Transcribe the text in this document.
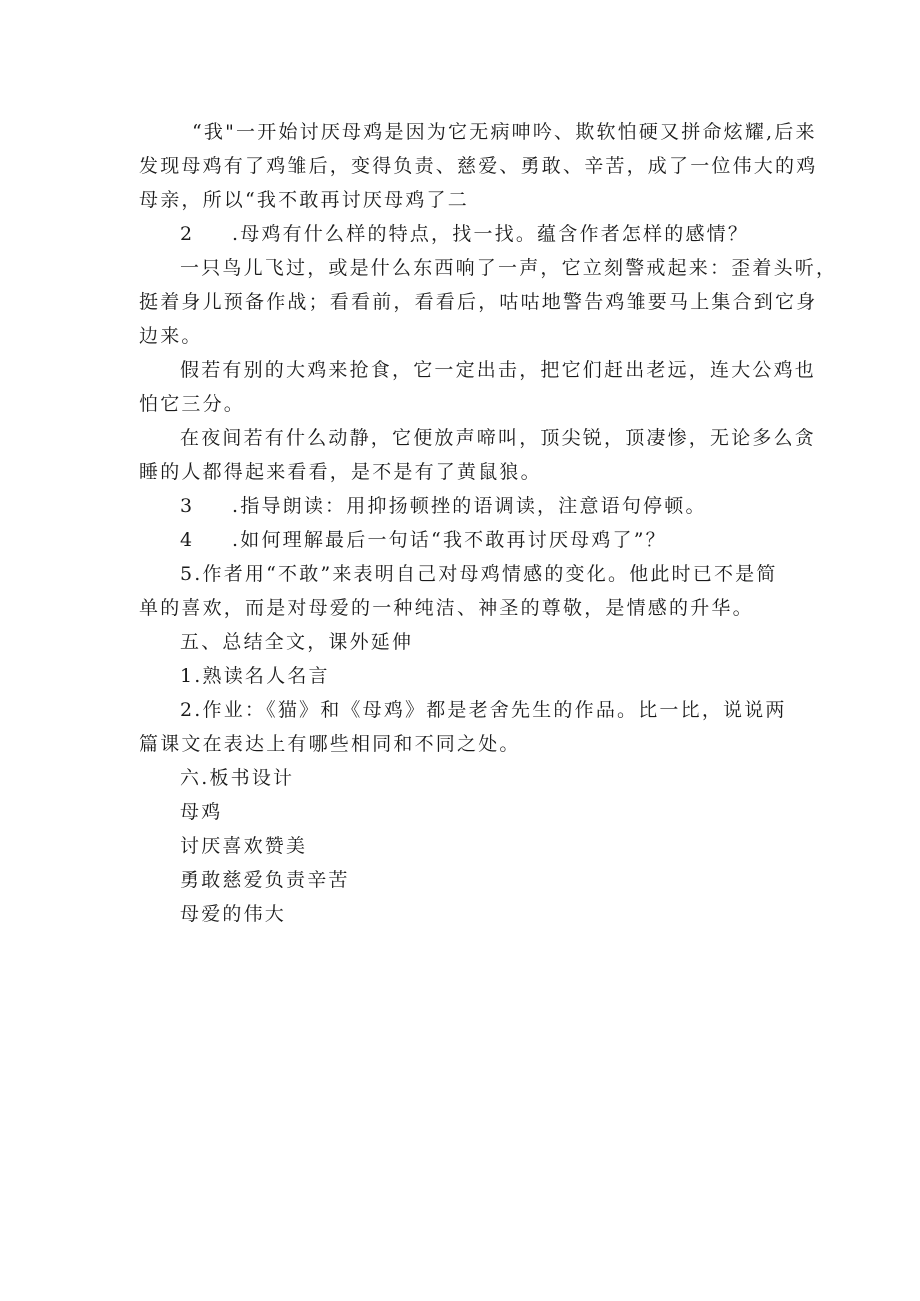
“我"一开始讨厌母鸡是因为它无病呻吟、欺软怕硬又拼命炫耀,后来
发现母鸡有了鸡雏后，变得负责、慈爱、勇敢、辛苦，成了一位伟大的鸡
母亲，所以“我不敢再讨厌母鸡了二
2 .母鸡有什么样的特点，找一找。蕴含作者怎样的感情？
一只鸟儿飞过，或是什么东西响了一声，它立刻警戒起来：歪着头听，
挺着身儿预备作战；看看前，看看后，咕咕地警告鸡雏要马上集合到它身
边来。
假若有别的大鸡来抢食，它一定出击，把它们赶出老远，连大公鸡也
怕它三分。
在夜间若有什么动静，它便放声啼叫，顶尖锐，顶凄惨，无论多么贪
睡的人都得起来看看，是不是有了黄鼠狼。
3 .指导朗读：用抑扬顿挫的语调读，注意语句停顿。
4 .如何理解最后一句话“我不敢再讨厌母鸡了”？
5.作者用“不敢”来表明自己对母鸡情感的变化。他此时已不是简
单的喜欢，而是对母爱的一种纯洁、神圣的尊敬，是情感的升华。
五、总结全文，课外延伸
1.熟读名人名言
2.作业：《猫》和《母鸡》都是老舍先生的作品。比一比，说说两
篇课文在表达上有哪些相同和不同之处。
六.板书设计
母鸡
讨厌喜欢赞美
勇敢慈爱负责辛苦
母爱的伟大
